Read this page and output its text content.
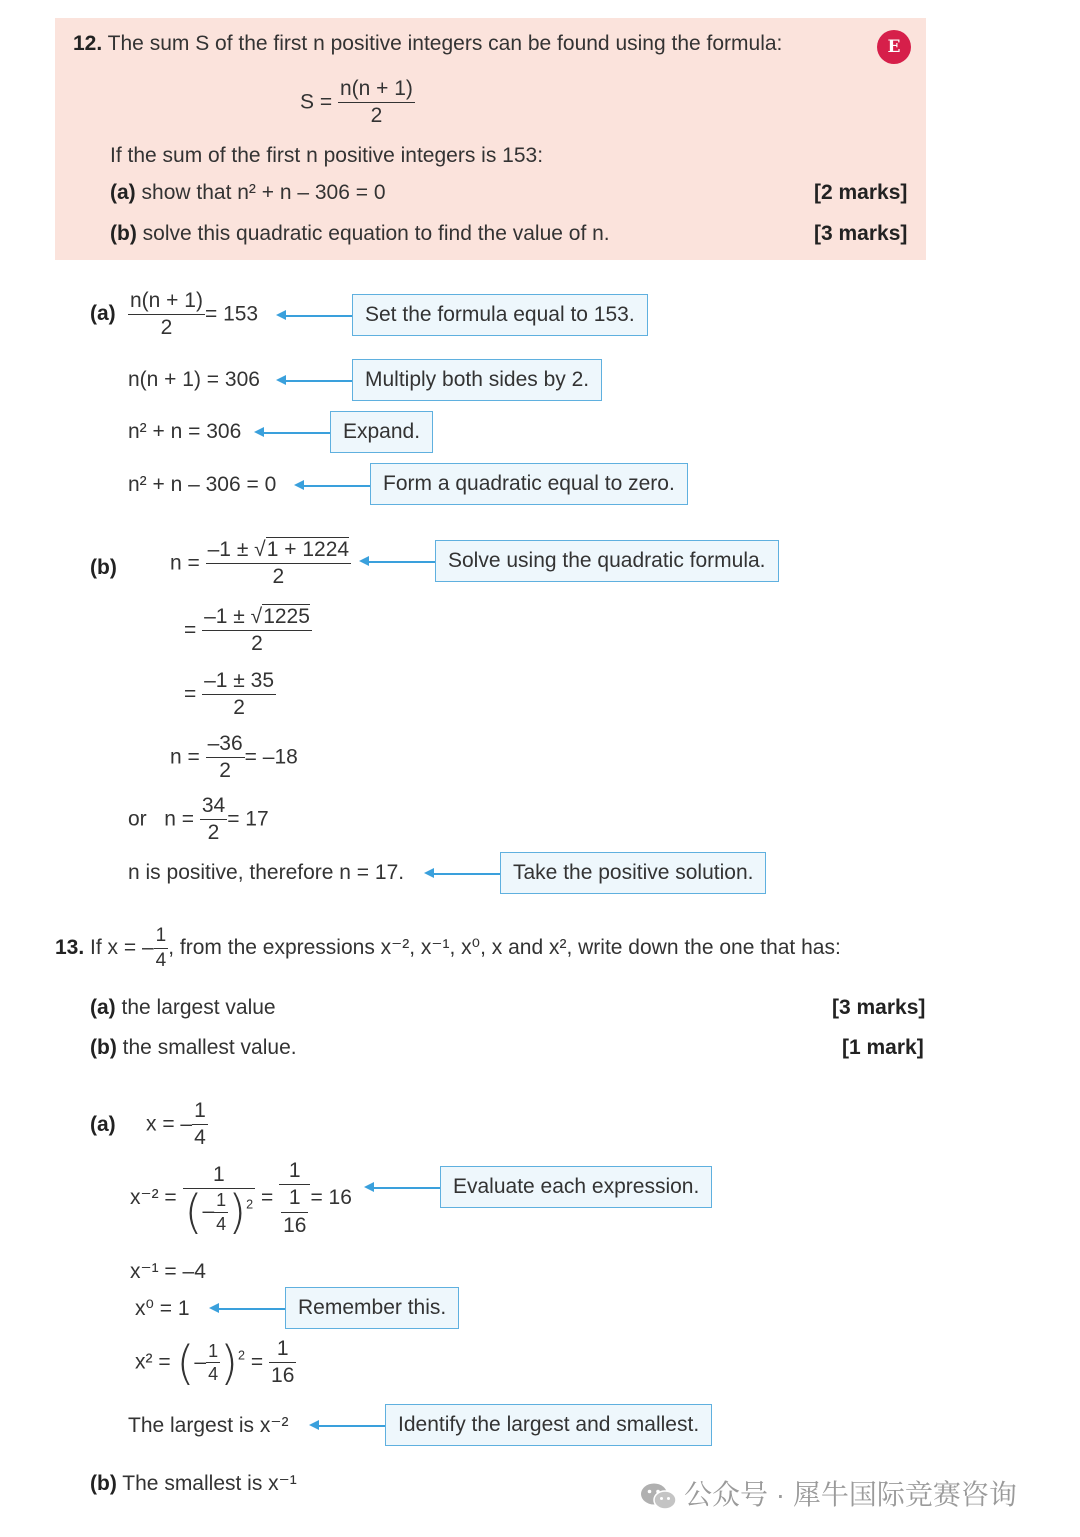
E
12. The sum S of the first n positive integers can be found using the formula:
$S = \frac{n(n + 1)}{2}$
If the sum of the first n positive integers is 153:
(a) show that n² + n – 306 = 0	[2 marks]
(b) solve this quadratic equation to find the value of n.	[3 marks]
$(a) \frac{n(n + 1)}{2} = 153$	Set the formula equal to 153.
n(n + 1) = 306	Multiply both sides by 2.
n² + n = 306	Expand.
n² + n – 306 = 0	Form a quadratic equal to zero.
(b)	$n = \frac{-1 \pm √1 + 1224}{2}$	Solve using the quadratic formula.
= $\frac{-1 \pm √1225}{2}$
= $\frac{-1 \pm 35}{2}$
$n = \frac{-36}{2} = -18$
or $n = \frac{34}{2} = 17$
n is positive, therefore n = 17.	Take the positive solution.
13. If x = – $\frac{1}{4}$ , from the expressions x⁻², x⁻¹, x⁰, x and x², write down the one that has:
(a) the largest value	[3 marks]
(b) the smallest value.	[1 mark]
(a) x = – $\frac{1}{4}$
$x^{-2} = \frac{1}{(- \frac{1}{4} )^2} = \frac{1}{\frac{1}{16}} = 16$	Evaluate each expression.
x⁻¹ = –4
x⁰ = 1	Remember this.
x² = (– $\frac{1}{4} )^2 = \frac{1}{16}$
The largest is x⁻²	Identify the largest and smallest.
(b) The smallest is x⁻¹	公众号 · 犀牛国际竞赛咨询
